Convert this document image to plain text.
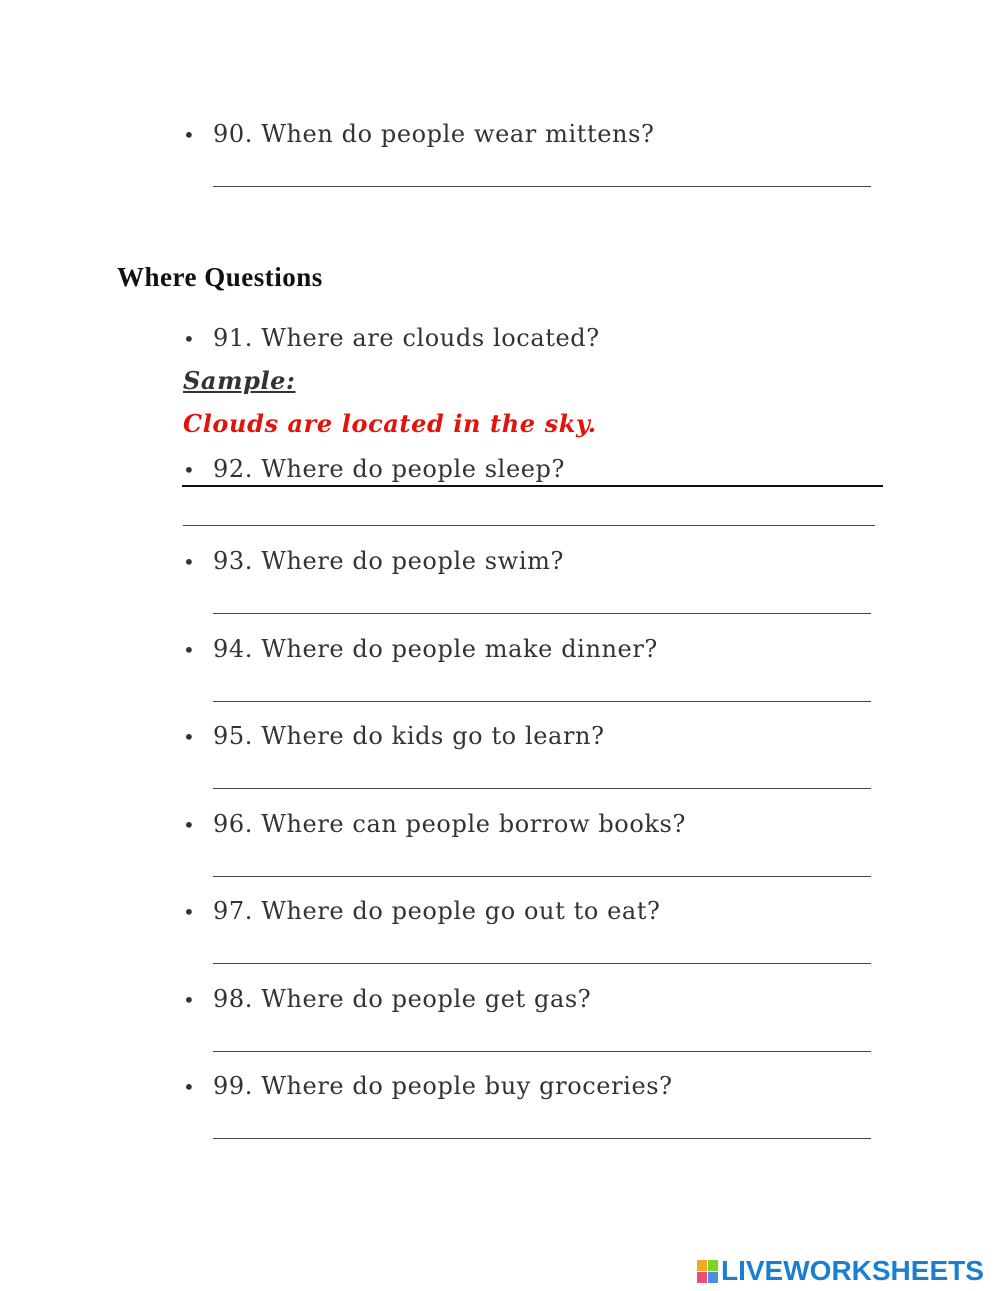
• 90. When do people wear mittens?
Where Questions
• 91. Where are clouds located?
Sample:
Clouds are located in the sky.
• 92. Where do people sleep?
• 93. Where do people swim?
• 94. Where do people make dinner?
• 95. Where do kids go to learn?
• 96. Where can people borrow books?
• 97. Where do people go out to eat?
• 98. Where do people get gas?
• 99. Where do people buy groceries?
LIVEWORKSHEETS
